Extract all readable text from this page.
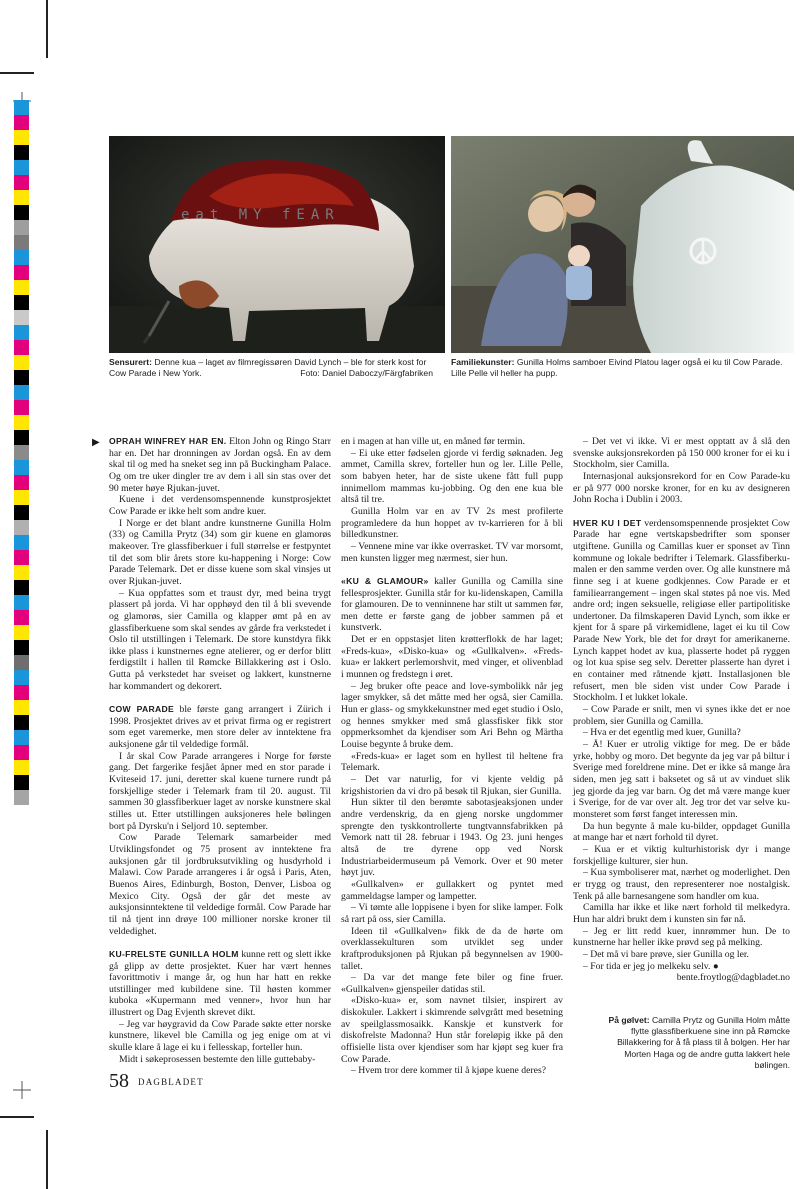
eat MY fEAR
Sensurert: Denne kua – laget av filmregissøren David Lynch – ble for sterk kost for Cow Parade i New York.	Foto: Daniel Daboczy/Färgfabriken
Familiekunster: Gunilla Holms samboer Eivind Platou lager også ei ku til Cow Parade. Lille Pelle vil heller ha pupp.
▶ OPRAH WINFREY HAR EN. Elton John og Ringo Starr har en. Det har dronningen av Jordan også. En av dem skal til og med ha sneket seg inn på Buckingham Palace. Og om tre uker dingler tre av dem i all sin stas over det 90 meter høye Rjukan-juvet.

Kuene i det verdensomspennende kunstprosjektet Cow Parade er ikke helt som andre kuer.

I Norge er det blant andre kunstnerne Gunilla Holm (33) og Camilla Prytz (34) som gir kuene en glamorøs makeover. Tre glassfiberkuer i full størrelse er festpyntet til det som blir årets store ku-happening i Norge: Cow Parade Telemark. Det er disse kuene som skal vinsjes ut over Rjukan-juvet.

– Kua oppfattes som et traust dyr, med beina trygt plassert på jorda. Vi har opphøyd den til å bli svevende og glamorøs, sier Camilla og klapper ømt på en av glassfiberkuene som skal sendes av gårde fra verkstedet i Oslo til utstillingen i Telemark. De store kunstdyra fikk ikke plass i kunstnernes egne atelierer, og er derfor blitt ferdigstilt i hallen til Rømcke Billakkering øst i Oslo. Gutta på verkstedet har sveiset og lakkert, kunstnerne har kommandert og dekorert.

COW PARADE ble første gang arrangert i Zürich i 1998. Prosjektet drives av et privat firma og er registrert som eget varemerke, men store deler av inntektene fra auksjonene går til veldedige formål.

I år skal Cow Parade arrangeres i Norge for første gang. Det fargerike fesjået åpner med en stor parade i Kviteseid 17. juni, deretter skal kuene turnere rundt på forskjellige steder i Telemark fram til 20. august. Til sammen 30 glassfiberkuer laget av norske kunstnere skal stilles ut. Etter utstillingen auksjoneres hele bølingen bort på Dyrsku'n i Seljord 10. september.

Cow Parade Telemark samarbeider med Utviklingsfondet og 75 prosent av inntektene fra auksjonen går til jordbruksutvikling og husdyrhold i Malawi. Cow Parade arrangeres i år også i Paris, Aten, Buenos Aires, Edinburgh, Boston, Denver, Lisboa og Mexico City. Også der går det meste av auksjonsinntektene til veldedige formål. Cow Parade har til nå tjent inn drøye 100 millioner norske kroner til veldedighet.

KU-FRELSTE GUNILLA HOLM kunne rett og slett ikke gå glipp av dette prosjektet. Kuer har vært hennes favorittmotiv i mange år, og hun har hatt en rekke utstillinger med kubildene sine. Til høsten kommer kuboka «Kupermann med venner», hvor hun har illustrert og Dag Evjenth skrevet dikt.

– Jeg var høygravid da Cow Parade søkte etter norske kunstnere, likevel ble Camilla og jeg enige om at vi skulle klare å lage ei ku i fellesskap, forteller hun.

Midt i søkeprosessen bestemte den lille guttebaby-

en i magen at han ville ut, en måned før termin.

– Ei uke etter fødselen gjorde vi ferdig søknaden. Jeg ammet, Camilla skrev, forteller hun og ler. Lille Pelle, som babyen heter, har de siste ukene fått full pupp innimellom mammas ku-jobbing. Og den ene kua ble altså til tre.

Gunilla Holm var en av TV 2s mest profilerte programledere da hun hoppet av tv-karrieren for å bli billedkunstner.

– Vennene mine var ikke overrasket. TV var morsomt, men kunsten ligger meg nærmest, sier hun.

«KU & GLAMOUR» kaller Gunilla og Camilla sine fellesprosjekter. Gunilla står for ku-lidenskapen, Camilla for glamouren. De to venninnene har stilt ut sammen før, men dette er første gang de jobber sammen på et kunstverk.

Det er en oppstasjet liten krøtterflokk de har laget; «Freds-kua», «Disko-kua» og «Gullkalven». «Freds-kua» er lakkert perlemorshvit, med vinger, et olivenblad i munnen og fredstegn i øret.

– Jeg bruker ofte peace and love-symbolikk når jeg lager smykker, så det måtte med her også, sier Camilla. Hun er glass- og smykkekunstner med eget studio i Oslo, og hennes smykker med små glassfisker fikk stor oppmerksomhet da kjendiser som Ari Behn og Märtha Louise begynte å bruke dem.

«Freds-kua» er laget som en hyllest til heltene fra Telemark.

– Det var naturlig, for vi kjente veldig på krigshistorien da vi dro på besøk til Rjukan, sier Gunilla.

Hun sikter til den berømte sabotasjeaksjonen under andre verdenskrig, da en gjeng norske ungdommer sprengte den tyskkontrollerte tungtvannsfabrikken på Vemork natt til 28. februar i 1943. Og 23. juni henges altså de tre dyrene opp ved Norsk Industriarbeidermuseum på Vemork. Over et 90 meter høyt juv.

«Gullkalven» er gullakkert og pyntet med gammeldagse lamper og lampetter.

– Vi tømte alle loppisene i byen for slike lamper. Folk så rart på oss, sier Camilla.

Ideen til «Gullkalven» fikk de da de hørte om overklassekulturen som utviklet seg under kraftproduksjonen på Rjukan på begynnelsen av 1900-tallet.

– Da var det mange fete biler og fine fruer. «Gullkalven» gjenspeiler datidas stil.

«Disko-kua» er, som navnet tilsier, inspirert av diskokuler. Lakkert i skimrende sølvgrått med besetning av speilglassmosaikk. Kanskje et kunstverk for diskofrelste Madonna? Hun står foreløpig ikke på den offisielle lista over kjendiser som har kjøpt seg kuer fra Cow Parade.

– Hvem tror dere kommer til å kjøpe kuene deres?

– Det vet vi ikke. Vi er mest opptatt av å slå den svenske auksjonsrekorden på 150 000 kroner for ei ku i Stockholm, sier Camilla.

Internasjonal auksjonsrekord for en Cow Parade-ku er på 977 000 norske kroner, for en ku av designeren John Rocha i Dublin i 2003.

HVER KU I DET verdensomspennende prosjektet Cow Parade har egne vertskapsbedrifter som sponser utgiftene. Gunilla og Camillas kuer er sponset av Tinn kommune og lokale bedrifter i Telemark. Glassfiberku-malen er den samme verden over. Og alle kunstnere må finne seg i at kuene godkjennes. Cow Parade er et familiearrangement – ingen skal støtes på noe vis. Med andre ord; ingen seksuelle, religiøse eller partipolitiske undertoner. Da filmskaperen David Lynch, som ikke er kjent for å spare på virkemidlene, laget ei ku til Cow Parade New York, ble det for drøyt for amerikanerne. Lynch kappet hodet av kua, plasserte hodet på ryggen og lot kua spise seg selv. Deretter plasserte han dyret i en container med råtnende kjøtt. Installasjonen ble refusert, men ble siden vist under Cow Parade i Stockholm. I et lukket lokale.

– Cow Parade er snilt, men vi synes ikke det er noe problem, sier Gunilla og Camilla.

– Hva er det egentlig med kuer, Gunilla?

– Å! Kuer er utrolig viktige for meg. De er både yrke, hobby og moro. Det begynte da jeg var på biltur i Sverige med foreldrene mine. Det er ikke så mange åra siden, men jeg satt i baksetet og så ut av vinduet slik jeg gjorde da jeg var barn. Og det må være mange kuer i Sverige, for de var over alt. Jeg tror det var selve ku-monsteret som først fanget interessen min.

Da hun begynte å male ku-bilder, oppdaget Gunilla at mange har et nært forhold til dyret.

– Kua er et viktig kulturhistorisk dyr i mange forskjellige kulturer, sier hun.

– Kua symboliserer mat, nærhet og moderlighet. Den er trygg og traust, den representerer noe nostalgisk. Tenk på alle barnesangene som handler om kua.

Camilla har ikke et like nært forhold til melkedyra. Hun har aldri brukt dem i kunsten sin før nå.

– Jeg er litt redd kuer, innrømmer hun. De to kunstnerne har heller ikke prøvd seg på melking.

– Det må vi bare prøve, sier Gunilla og ler.

– For tida er jeg jo melkeku selv. ●

bente.froytlog@dagbladet.no

På gølvet: Camilla Prytz og Gunilla Holm måtte flytte glassfiberkuene sine inn på Rømcke Billakkering for å få plass til å bolgen. Her har Morten Haga og de andre gutta lakkert hele bølingen.
58 DAGBLADET
